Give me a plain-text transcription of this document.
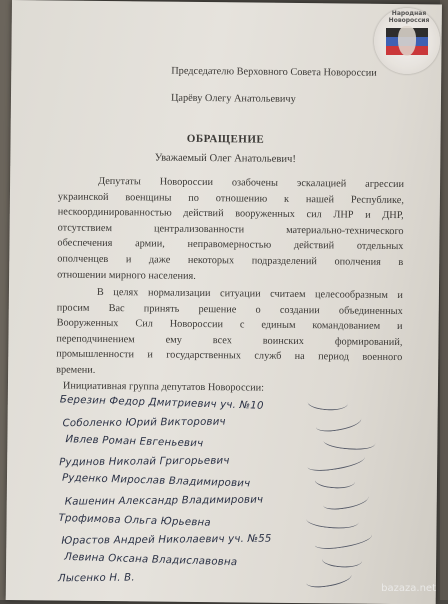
Председателю Верховного Совета Новороссии
Царёву Олегу Анатольевичу
ОБРАЩЕНИЕ
Уважаемый Олег Анатольевич!
Депутаты Новороссии озабочены эскалацией агрессии
украинской военщины по отношению к нашей Республике,
нескоординированностью действий вооруженных сил ЛНР и ДНР,
отсутствием централизованности материально-технического
обеспечения армии, неправомерностью действий отдельных
ополченцев и даже некоторых подразделений ополчения в
отношении мирного населения.
В целях нормализации ситуации считаем целесообразным и
просим Вас принять решение о создании объединенных
Вооруженных Сил Новороссии с единым командованием и
переподчинением ему всех воинских формирований,
промышленности и государственных служб на период военного
времени.
Инициативная группа депутатов Новороссии:
Березин Федор Дмитриевич уч. №10
Соболенко Юрий Викторович
Ивлев Роман Евгеньевич
Рудинов Николай Григорьевич
Руденко Мирослав Владимирович
Кашенин Александр Владимирович
Трофимова Ольга Юрьевна
Юрастов Андрей Николаевич уч. №55
Левина Оксана Владиславовна
Лысенко Н. В.
Народная Новороссия
bazaza.net
